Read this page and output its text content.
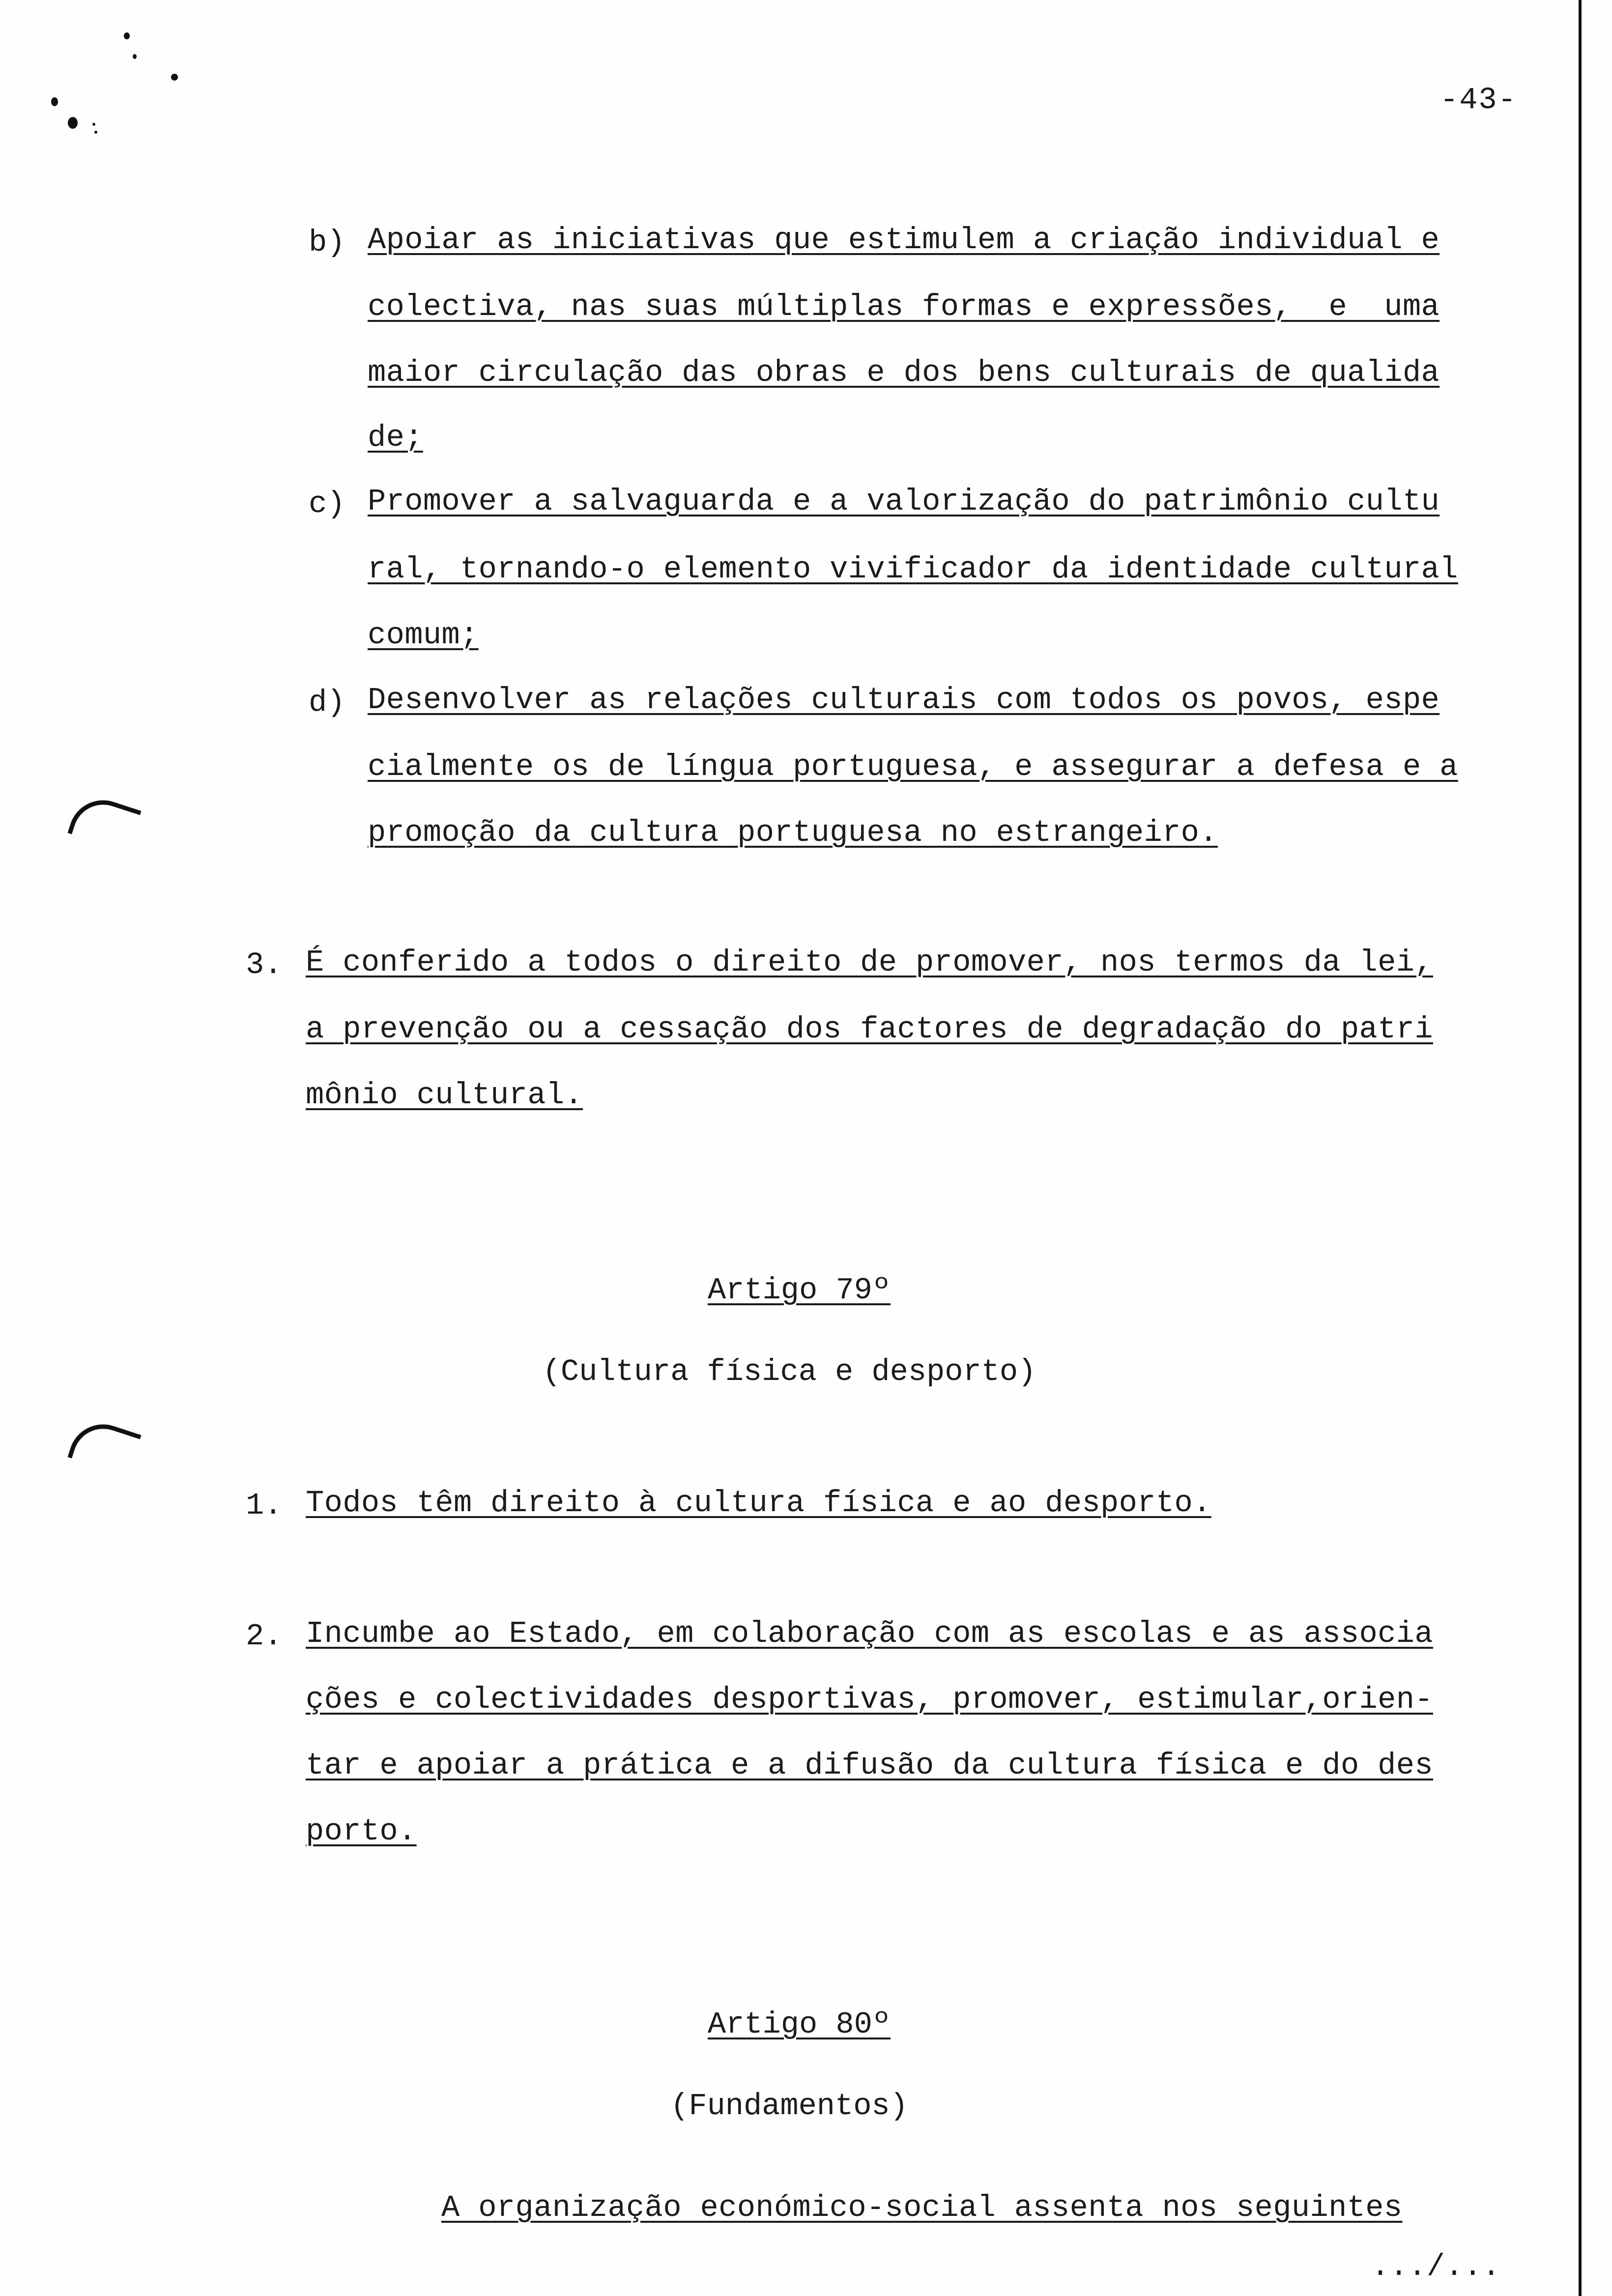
-43-
b) Apoiar as iniciativas que estimulem a criação individual e
colectiva, nas suas múltiplas formas e expressões,  e  uma
maior circulação das obras e dos bens culturais de qualida
de;
c) Promover a salvaguarda e a valorização do patrimônio cultu
ral, tornando-o elemento vivificador da identidade cultural
comum;
d) Desenvolver as relações culturais com todos os povos, espe
cialmente os de língua portuguesa, e assegurar a defesa e a
promoção da cultura portuguesa no estrangeiro.
3. É conferido a todos o direito de promover, nos termos da lei,
a prevenção ou a cessação dos factores de degradação do patri
mônio cultural.
Artigo 79º
(Cultura física e desporto)
1. Todos têm direito à cultura física e ao desporto.
2. Incumbe ao Estado, em colaboração com as escolas e as associa
ções e colectividades desportivas, promover, estimular,orien-
tar e apoiar a prática e a difusão da cultura física e do des
porto.
Artigo 80º
(Fundamentos)
A organização económico-social assenta nos seguintes
.../...
